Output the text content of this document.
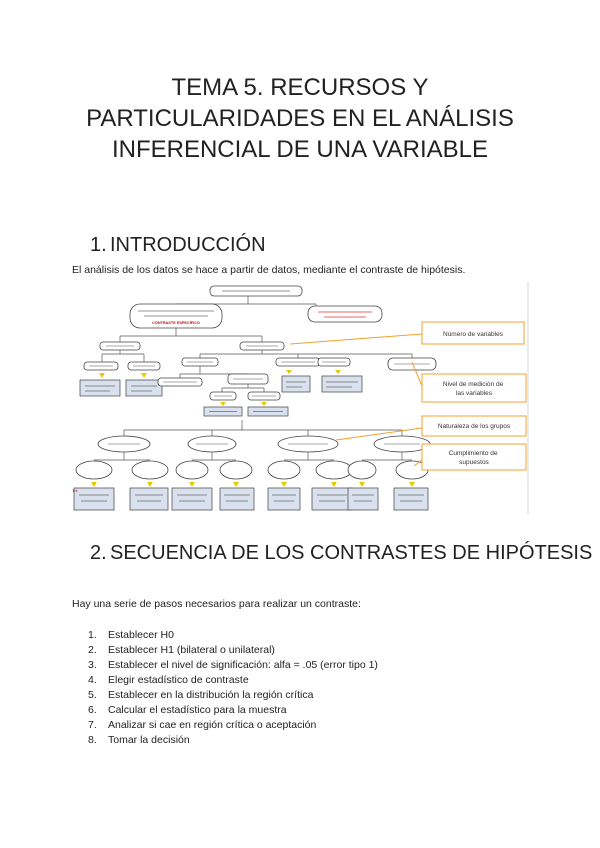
TEMA 5. RECURSOS Y PARTICULARIDADES EN EL ANÁLISIS INFERENCIAL DE UNA VARIABLE
1. INTRODUCCIÓN

El análisis de los datos se hace a partir de datos, mediante el contraste de hipótesis.

CONTRASTE ESPECÍFICO
1/4
Número de variables
Nivel de medición de las variables
Naturaleza de los grupos
Cumplimiento de supuestos
2. SECUENCIA DE LOS CONTRASTES DE HIPÓTESIS

Hay una serie de pasos necesarios para realizar un contraste:

1. Establecer H0
2. Establecer H1 (bilateral o unilateral)
3. Establecer el nivel de significación: alfa = .05 (error tipo 1)
4. Elegir estadístico de contraste
5. Establecer en la distribución la región crítica
6. Calcular el estadístico para la muestra
7. Analizar si cae en región crítica o aceptación
8. Tomar la decisión
